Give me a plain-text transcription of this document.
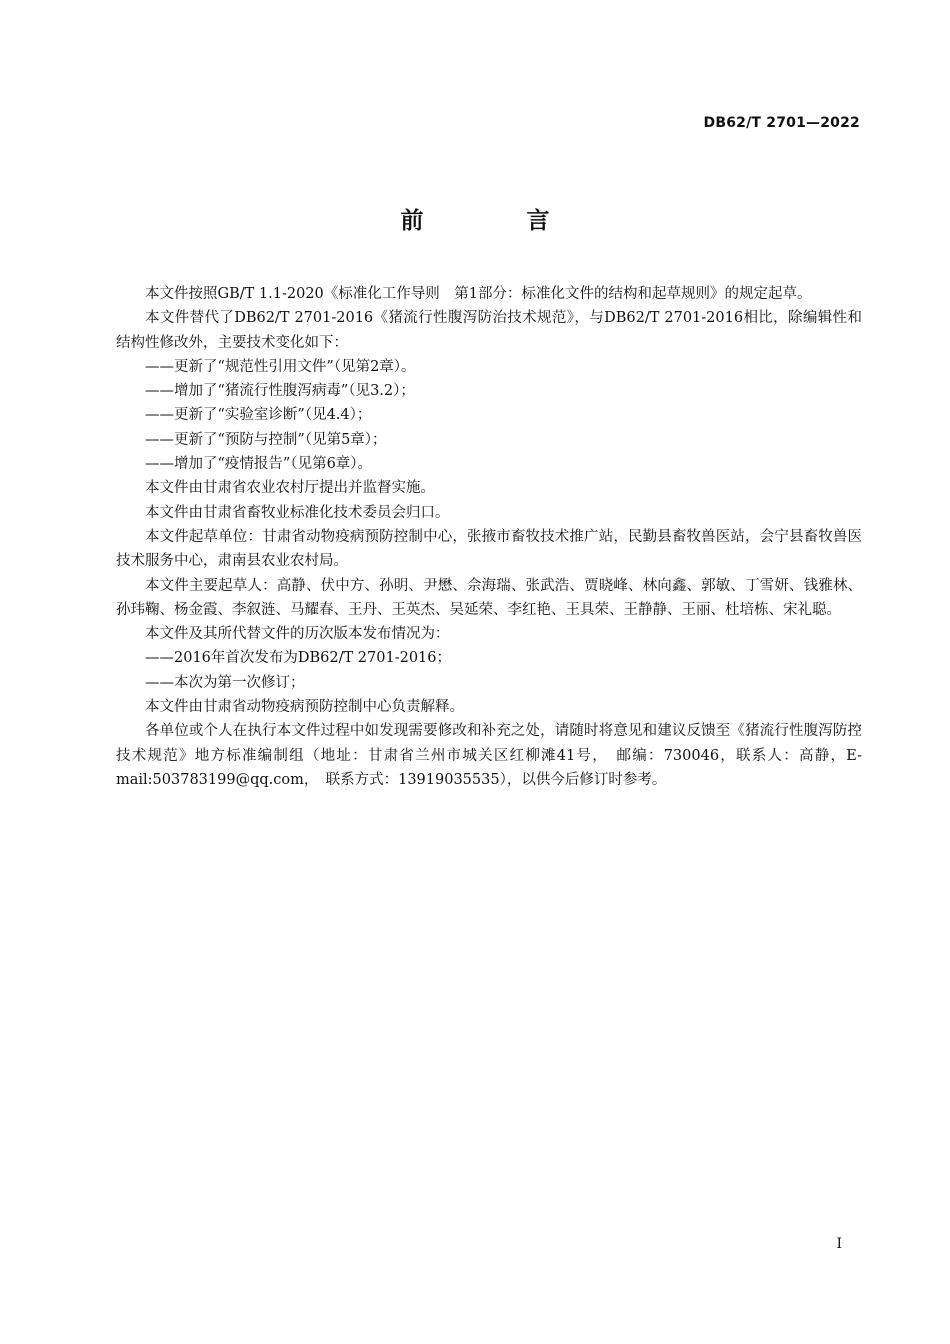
DB62/T 2701—2022
前　言

本文件按照GB/T 1.1-2020《标准化工作导则　第1部分：标准化文件的结构和起草规则》的规定起草。

本文件替代了DB62/T 2701-2016《猪流行性腹泻防治技术规范》，与DB62/T 2701-2016相比，除编辑性和结构性修改外，主要技术变化如下：

——更新了“规范性引用文件”（见第2章）。

——增加了“猪流行性腹泻病毒”（见3.2）；

——更新了“实验室诊断”（见4.4）；

——更新了“预防与控制”（见第5章）；

——增加了“疫情报告”（见第6章）。

本文件由甘肃省农业农村厅提出并监督实施。

本文件由甘肃省畜牧业标准化技术委员会归口。

本文件起草单位：甘肃省动物疫病预防控制中心，张掖市畜牧技术推广站，民勤县畜牧兽医站，会宁县畜牧兽医技术服务中心，肃南县农业农村局。

本文件主要起草人：高静、伏中方、孙明、尹懋、佘海瑞、张武浩、贾晓峰、林向鑫、郭敏、丁雪妍、钱雅林、孙玮鞠、杨金霞、李叙涟、马耀春、王丹、王英杰、吴延荣、李红艳、王具荣、王静静、王丽、杜培栋、宋礼聪。

本文件及其所代替文件的历次版本发布情况为：

——2016年首次发布为DB62/T 2701-2016；

——本次为第一次修订；

本文件由甘肃省动物疫病预防控制中心负责解释。

各单位或个人在执行本文件过程中如发现需要修改和补充之处，请随时将意见和建议反馈至《猪流行性腹泻防控技术规范》地方标准编制组（地址：甘肃省兰州市城关区红柳滩41号，　邮编：730046，联系人：高静，E-mail:503783199@qq.com，　联系方式：13919035535），以供今后修订时参考。

I
